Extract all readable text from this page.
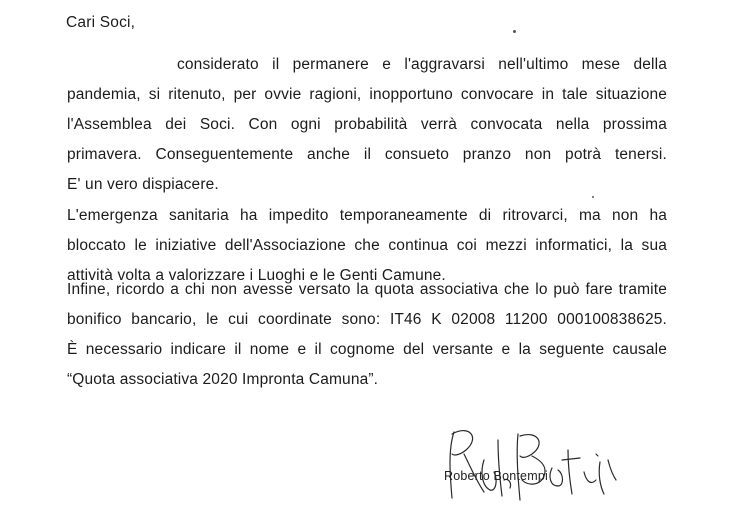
Cari Soci,
considerato il permanere e l'aggravarsi nell'ultimo mese della
pandemia, si ritenuto, per ovvie ragioni, inopportuno convocare in tale situazione
l'Assemblea dei Soci. Con ogni probabilità verrà convocata nella prossima
primavera. Conseguentemente anche il consueto pranzo non potrà tenersi.
E' un vero dispiacere.
L'emergenza sanitaria ha impedito temporaneamente di ritrovarci, ma non ha
bloccato le iniziative dell'Associazione che continua coi mezzi informatici, la sua
attività volta a valorizzare i Luoghi e le Genti Camune.
Infine, ricordo a chi non avesse versato la quota associativa che lo può fare tramite
bonifico bancario, le cui coordinate sono: IT46 K 02008 11200 000100838625.
È necessario indicare il nome e il cognome del versante e la seguente causale
“Quota associativa 2020 Impronta Camuna”.
Roberto Bontempi
